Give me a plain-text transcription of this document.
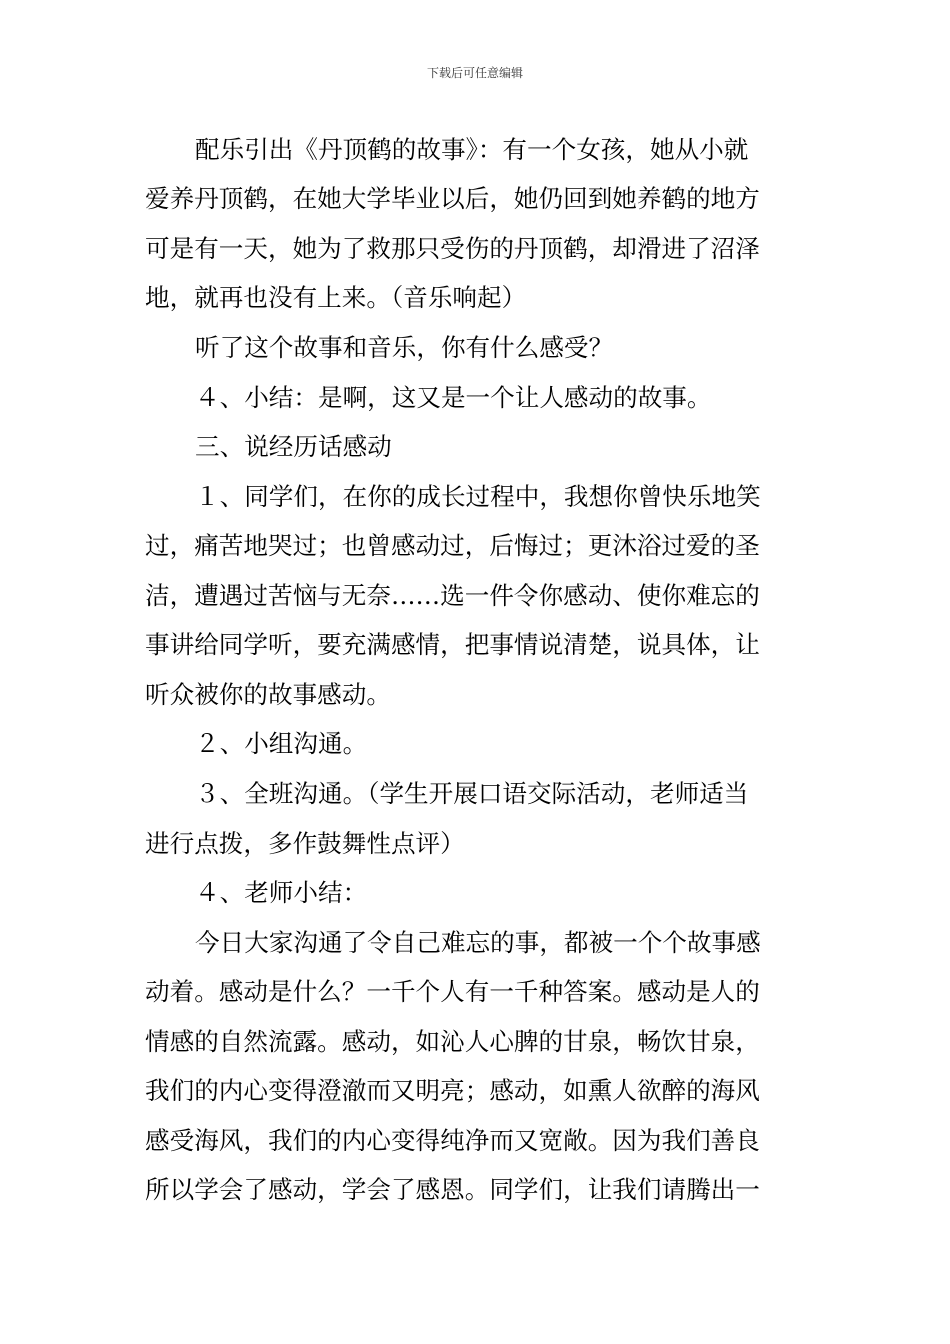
下载后可任意编辑
配乐引出《丹顶鹤的故事》：有一个女孩，她从小就
爱养丹顶鹤，在她大学毕业以后，她仍回到她养鹤的地方
可是有一天，她为了救那只受伤的丹顶鹤，却滑进了沼泽
地，就再也没有上来。（音乐响起）
听了这个故事和音乐，你有什么感受？
４、小结：是啊，这又是一个让人感动的故事。
三、说经历话感动
１、同学们，在你的成长过程中，我想你曾快乐地笑
过，痛苦地哭过；也曾感动过，后悔过；更沐浴过爱的圣
洁，遭遇过苦恼与无奈……选一件令你感动、使你难忘的
事讲给同学听，要充满感情，把事情说清楚，说具体，让
听众被你的故事感动。
２、小组沟通。
３、全班沟通。（学生开展口语交际活动，老师适当
进行点拨，多作鼓舞性点评）
４、老师小结：
今日大家沟通了令自己难忘的事，都被一个个故事感
动着。感动是什么？一千个人有一千种答案。感动是人的
情感的自然流露。感动，如沁人心脾的甘泉，畅饮甘泉，
我们的内心变得澄澈而又明亮；感动，如熏人欲醉的海风
感受海风，我们的内心变得纯净而又宽敞。因为我们善良
所以学会了感动，学会了感恩。同学们，让我们请腾出一
